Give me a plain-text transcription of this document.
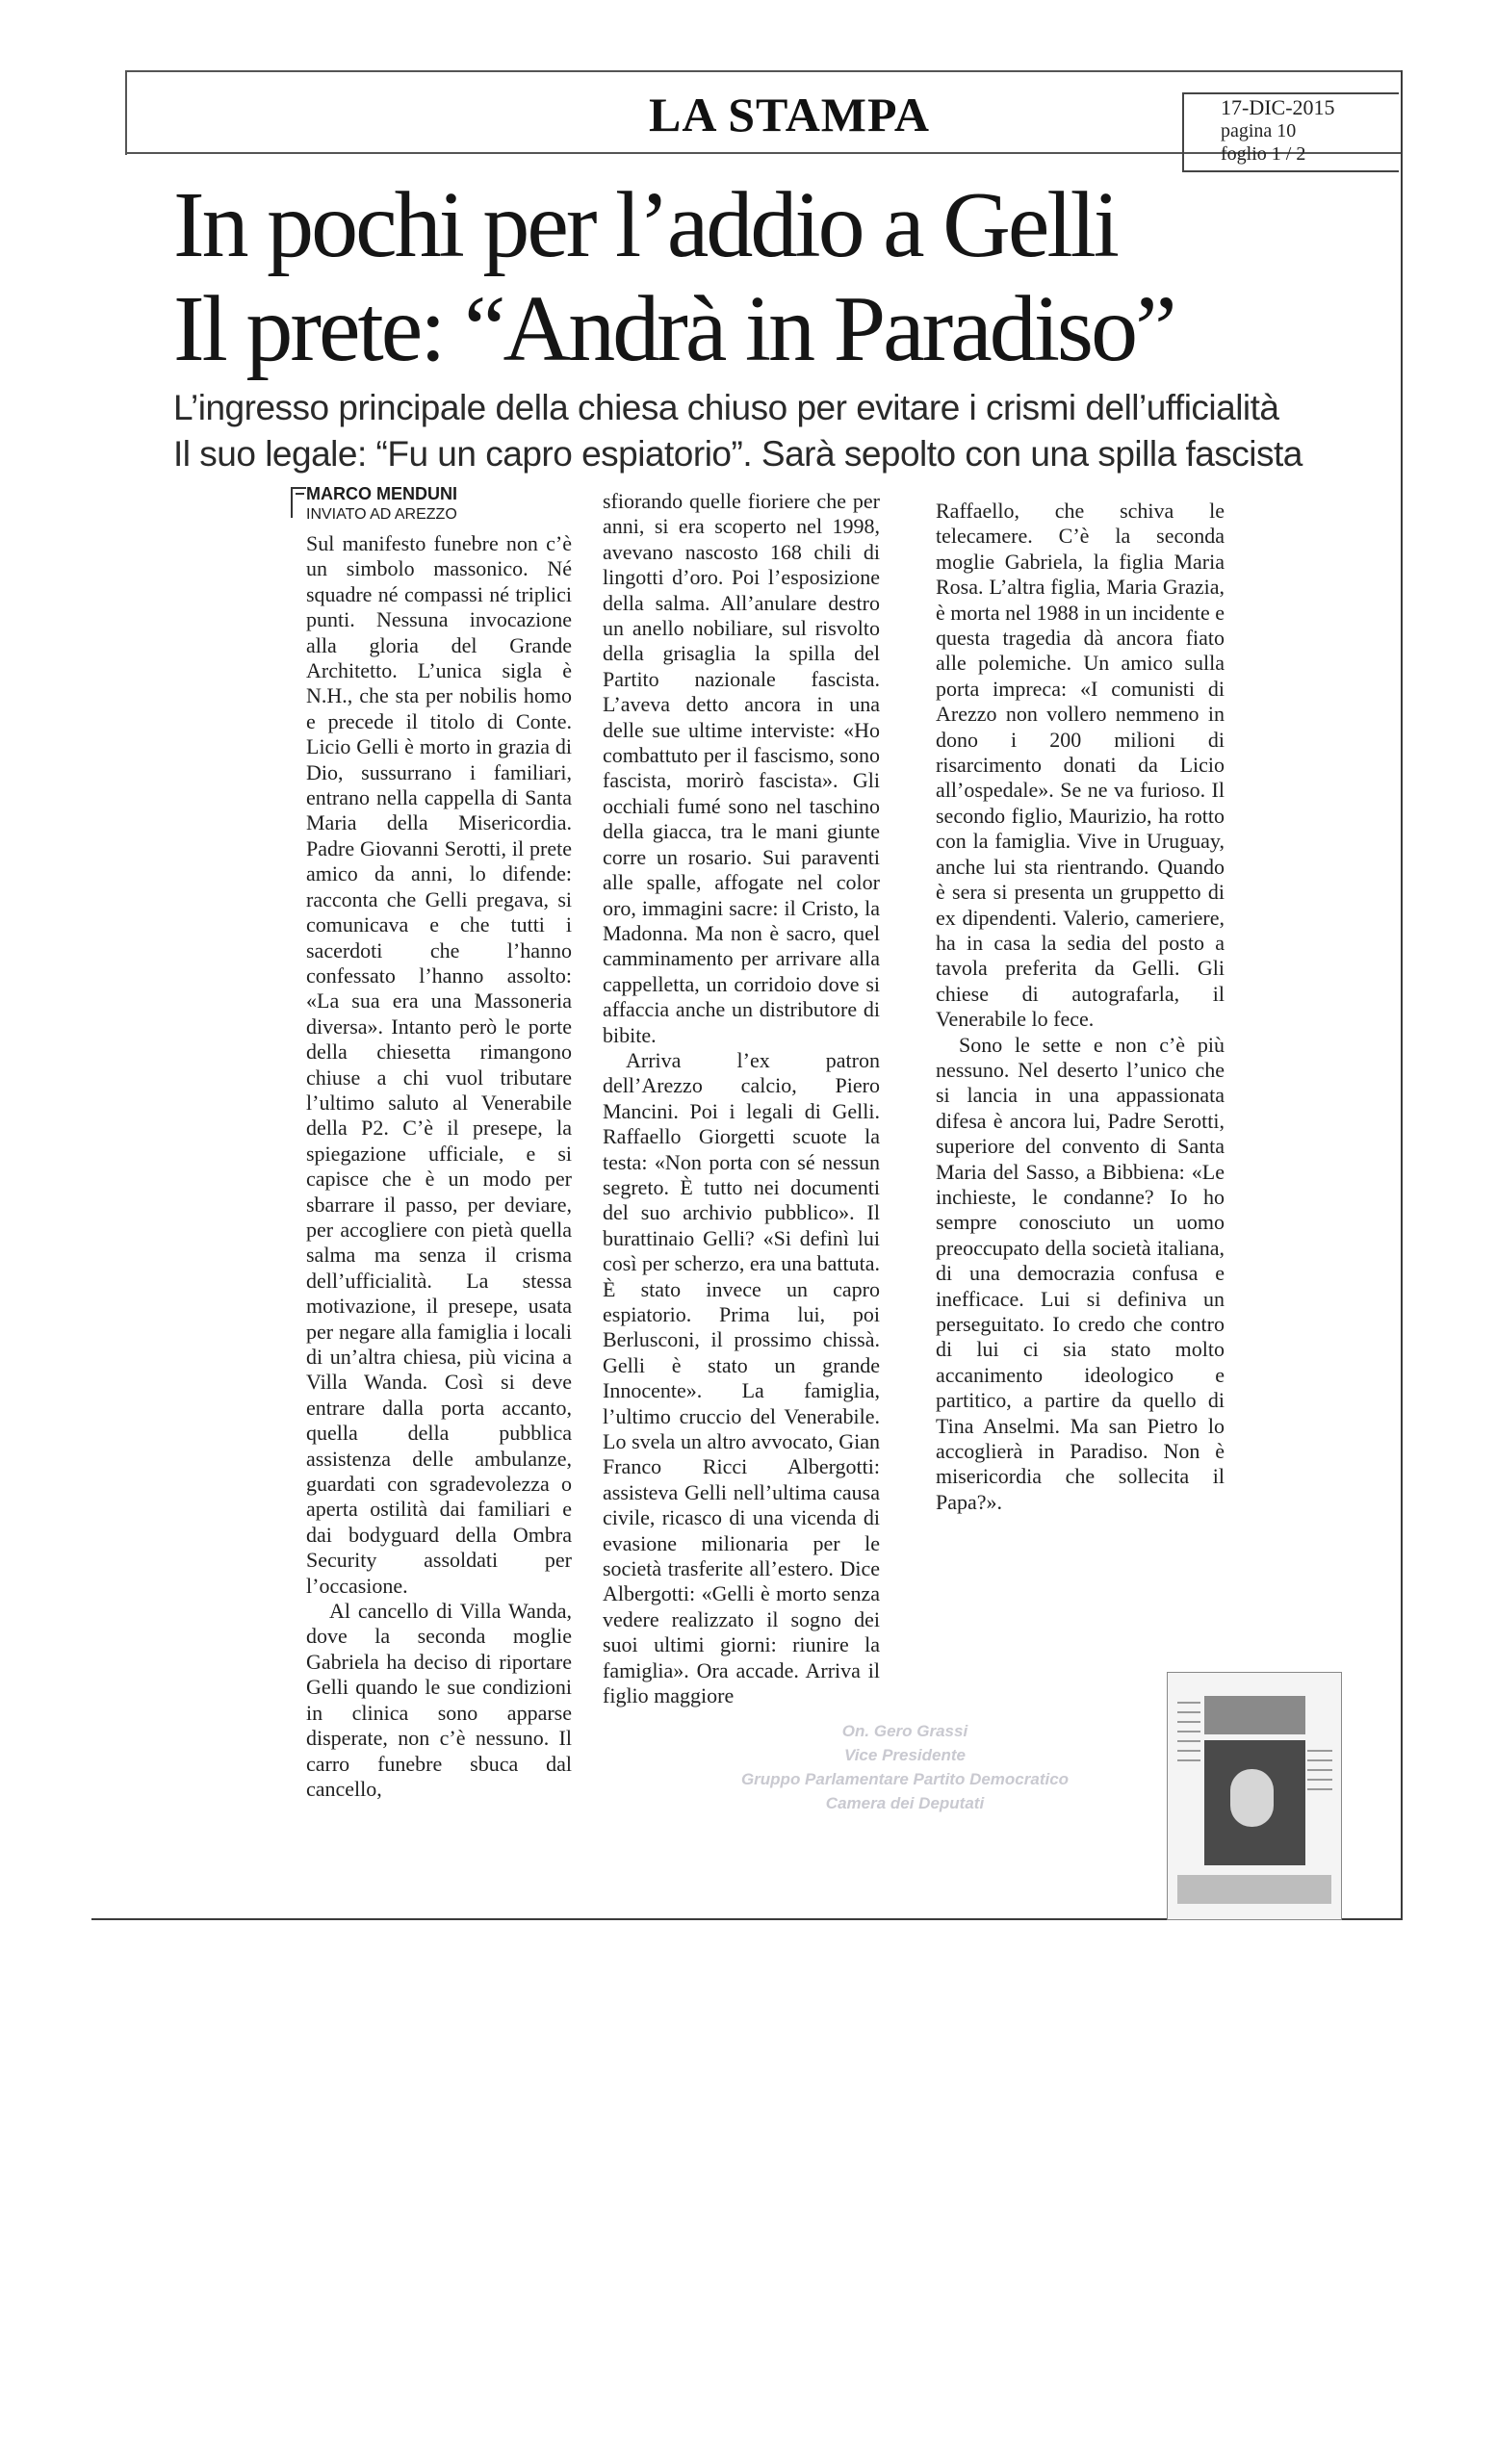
LA STAMPA	17-DIC-2015
pagina 10
foglio 1 / 2
In pochi per l’addio a Gelli
Il prete: “Andrà in Paradiso”
L’ingresso principale della chiesa chiuso per evitare i crismi dell’ufficialità
Il suo legale: “Fu un capro espiatorio”. Sarà sepolto con una spilla fascista
MARCO MENDUNI
INVIATO AD AREZZO

Sul manifesto funebre non c’è un simbolo massonico. Né squadre né compassi né triplici punti. Nessuna invocazione alla gloria del Grande Architetto. L’unica sigla è N.H., che sta per nobilis homo e precede il titolo di Conte. Licio Gelli è morto in grazia di Dio, sussurrano i familiari, entrano nella cappella di Santa Maria della Misericordia. Padre Giovanni Serotti, il prete amico da anni, lo difende: racconta che Gelli pregava, si comunicava e che tutti i sacerdoti che l’hanno confessato l’hanno assolto: «La sua era una Massoneria diversa». Intanto però le porte della chiesetta rimangono chiuse a chi vuol tributare l’ultimo saluto al Venerabile della P2. C’è il presepe, la spiegazione ufficiale, e si capisce che è un modo per sbarrare il passo, per deviare, per accogliere con pietà quella salma ma senza il crisma dell’ufficialità. La stessa motivazione, il presepe, usata per negare alla famiglia i locali di un’altra chiesa, più vicina a Villa Wanda. Così si deve entrare dalla porta accanto, quella della pubblica assistenza delle ambulanze, guardati con sgradevolezza o aperta ostilità dai familiari e dai bodyguard della Ombra Security assoldati per l’occasione.

Al cancello di Villa Wanda, dove la seconda moglie Gabriela ha deciso di riportare Gelli quando le sue condizioni in clinica sono apparse disperate, non c’è nessuno. Il carro funebre sbuca dal cancello,

sfiorando quelle fioriere che per anni, si era scoperto nel 1998, avevano nascosto 168 chili di lingotti d’oro. Poi l’esposizione della salma. All’anulare destro un anello nobiliare, sul risvolto della grisaglia la spilla del Partito nazionale fascista. L’aveva detto ancora in una delle sue ultime interviste: «Ho combattuto per il fascismo, sono fascista, morirò fascista». Gli occhiali fumé sono nel taschino della giacca, tra le mani giunte corre un rosario. Sui paraventi alle spalle, affogate nel color oro, immagini sacre: il Cristo, la Madonna. Ma non è sacro, quel camminamento per arrivare alla cappelletta, un corridoio dove si affaccia anche un distributore di bibite.

Arriva l’ex patron dell’Arezzo calcio, Piero Mancini. Poi i legali di Gelli. Raffaello Giorgetti scuote la testa: «Non porta con sé nessun segreto. È tutto nei documenti del suo archivio pubblico». Il burattinaio Gelli? «Si definì lui così per scherzo, era una battuta. È stato invece un capro espiatorio. Prima lui, poi Berlusconi, il prossimo chissà. Gelli è stato un grande Innocente». La famiglia, l’ultimo cruccio del Venerabile. Lo svela un altro avvocato, Gian Franco Ricci Albergotti: assisteva Gelli nell’ultima causa civile, ricasco di una vicenda di evasione milionaria per le società trasferite all’estero. Dice Albergotti: «Gelli è morto senza vedere realizzato il sogno dei suoi ultimi giorni: riunire la famiglia». Ora accade. Arriva il figlio maggiore

Raffaello, che schiva le telecamere. C’è la seconda moglie Gabriela, la figlia Maria Rosa. L’altra figlia, Maria Grazia, è morta nel 1988 in un incidente e questa tragedia dà ancora fiato alle polemiche. Un amico sulla porta impreca: «I comunisti di Arezzo non vollero nemmeno in dono i 200 milioni di risarcimento donati da Licio all’ospedale». Se ne va furioso. Il secondo figlio, Maurizio, ha rotto con la famiglia. Vive in Uruguay, anche lui sta rientrando. Quando è sera si presenta un gruppetto di ex dipendenti. Valerio, cameriere, ha in casa la sedia del posto a tavola preferita da Gelli. Gli chiese di autografarla, il Venerabile lo fece.

Sono le sette e non c’è più nessuno. Nel deserto l’unico che si lancia in una appassionata difesa è ancora lui, Padre Serotti, superiore del convento di Santa Maria del Sasso, a Bibbiena: «Le inchieste, le condanne? Io ho sempre conosciuto un uomo preoccupato della società italiana, di una democrazia confusa e inefficace. Lui si definiva un perseguitato. Io credo che contro di lui ci sia stato molto accanimento ideologico e partitico, a partire da quello di Tina Anselmi. Ma san Pietro lo accoglierà in Paradiso. Non è misericordia che sollecita il Papa?».

On. Gero Grassi
Vice Presidente
Gruppo Parlamentare Partito Democratico
Camera dei Deputati
